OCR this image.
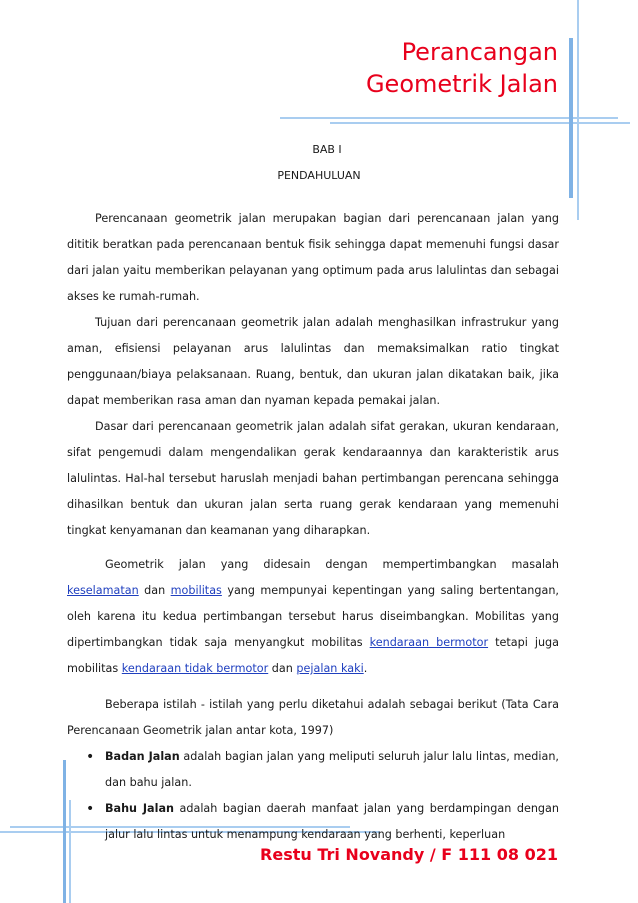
Perancangan
Geometrik Jalan
BAB I
PENDAHULUAN

Perencanaan geometrik jalan merupakan bagian dari perencanaan jalan yang dititik beratkan pada perencanaan bentuk fisik sehingga dapat memenuhi fungsi dasar dari jalan yaitu memberikan pelayanan yang optimum pada arus lalulintas dan sebagai akses ke rumah-rumah.

Tujuan dari perencanaan geometrik jalan adalah menghasilkan infrastrukur yang aman, efisiensi pelayanan arus lalulintas dan memaksimalkan ratio tingkat penggunaan/biaya pelaksanaan. Ruang, bentuk, dan ukuran jalan dikatakan baik, jika dapat memberikan rasa aman dan nyaman kepada pemakai jalan.

Dasar dari perencanaan geometrik jalan adalah sifat gerakan, ukuran kendaraan, sifat pengemudi dalam mengendalikan gerak kendaraannya dan karakteristik arus lalulintas. Hal-hal tersebut haruslah menjadi bahan pertimbangan perencana sehingga dihasilkan bentuk dan ukuran jalan serta ruang gerak kendaraan yang memenuhi tingkat kenyamanan dan keamanan yang diharapkan.

Geometrik jalan yang didesain dengan mempertimbangkan masalah keselamatan dan mobilitas yang mempunyai kepentingan yang saling bertentangan, oleh karena itu kedua pertimbangan tersebut harus diseimbangkan. Mobilitas yang dipertimbangkan tidak saja menyangkut mobilitas kendaraan bermotor tetapi juga mobilitas kendaraan tidak bermotor dan pejalan kaki.

Beberapa istilah - istilah yang perlu diketahui adalah sebagai berikut (Tata Cara Perencanaan Geometrik jalan antar kota, 1997)

• Badan Jalan adalah bagian jalan yang meliputi seluruh jalur lalu lintas, median, dan bahu jalan.
• Bahu Jalan adalah bagian daerah manfaat jalan yang berdampingan dengan jalur lalu lintas untuk menampung kendaraan yang berhenti, keperluan
Restu Tri Novandy / F 111 08 021
